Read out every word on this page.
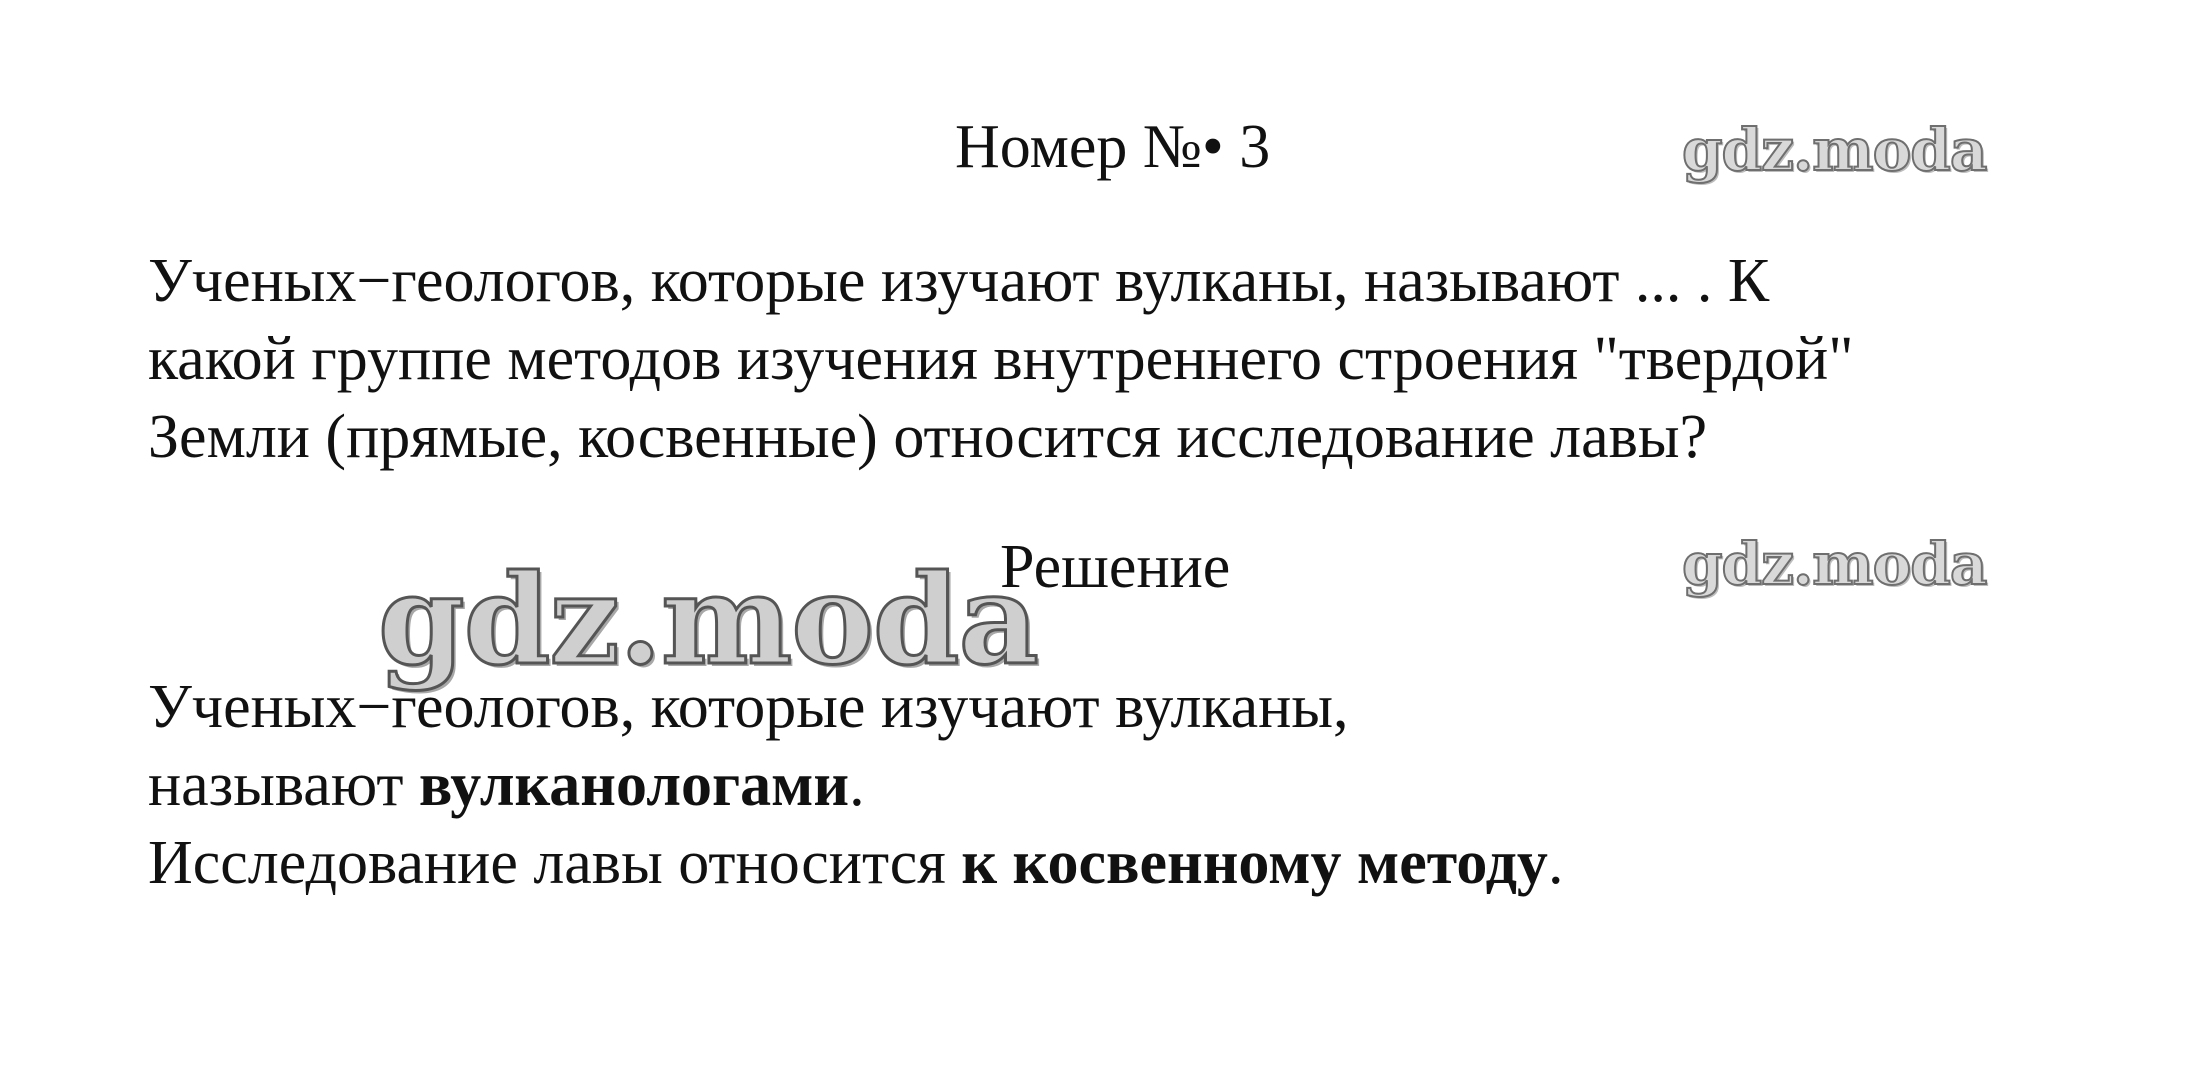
Номер №• 3	gdz.moda
Ученых−геологов, которые изучают вулканы, называют ... . К
какой группе методов изучения внутреннего строения "твердой"
Земли (прямые, косвенные) относится исследование лавы?
gdz.moda
Решение	gdz.moda
Ученых−геологов, которые изучают вулканы,
называют вулканологами.
Исследование лавы относится к косвенному методу.
